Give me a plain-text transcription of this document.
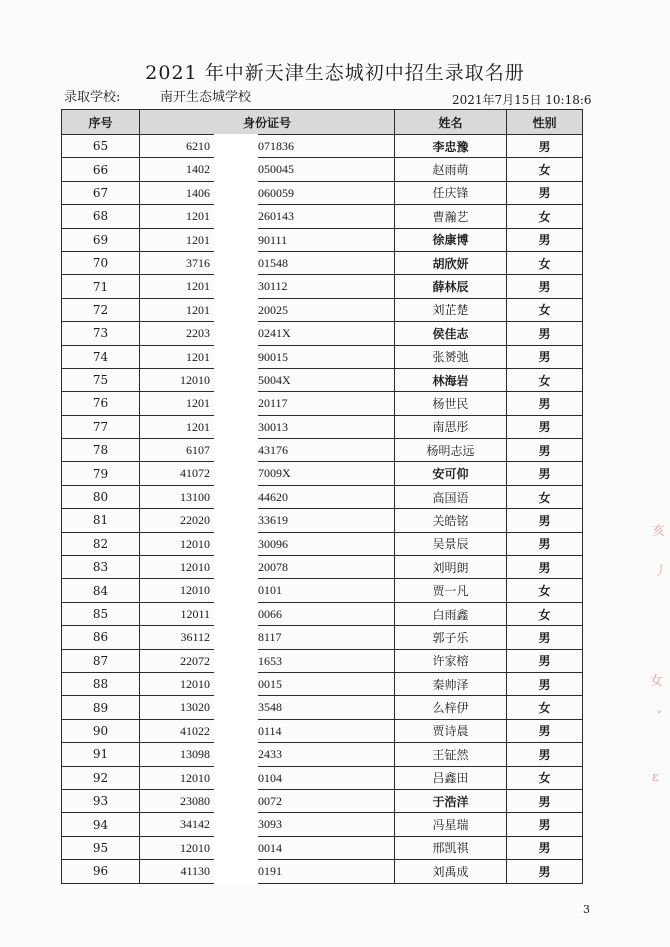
2021 年中新天津生态城初中招生录取名册
录取学校:	南开生态城学校	2021年7月15日 10:18:6
序号	身份证号	姓名	性别
65	6210 071836	李忠豫	男
66	1402 050045	赵雨萌	女
67	1406 060059	任庆锋	男
68	1201 260143	曹瀚艺	女
69	1201 90111	徐康博	男
70	3716 01548	胡欣妍	女
71	1201 30112	薛林辰	男
72	1201 20025	刘芷楚	女
73	2203 0241X	侯佳志	男
74	1201 90015	张赟弛	男
75	12010 5004X	林海岩	女
76	1201 20117	杨世民	男
77	1201 30013	南思彤	男
78	6107 43176	杨明志远	男
79	41072 7009X	安可仰	男
80	13100 44620	高国语	女
81	22020 33619	关皓铭	男
82	12010 30096	吴景辰	男
83	12010 20078	刘明朗	男
84	12010 0101	贾一凡	女
85	12011 0066	白雨鑫	女
86	36112 8117	郭子乐	男
87	22072 1653	许家榕	男
88	12010 0015	秦帅泽	男
89	13020 3548	么梓伊	女
90	41022 0114	贾诗晨	男
91	13098 2433	王钲然	男
92	12010 0104	吕鑫田	女
93	23080 0072	于浩洋	男
94	34142 3093	冯星瑞	男
95	12010 0014	邢凯祺	男
96	41130 0191	刘禹成	男
3
亥
丿
女
ˇ
ε
